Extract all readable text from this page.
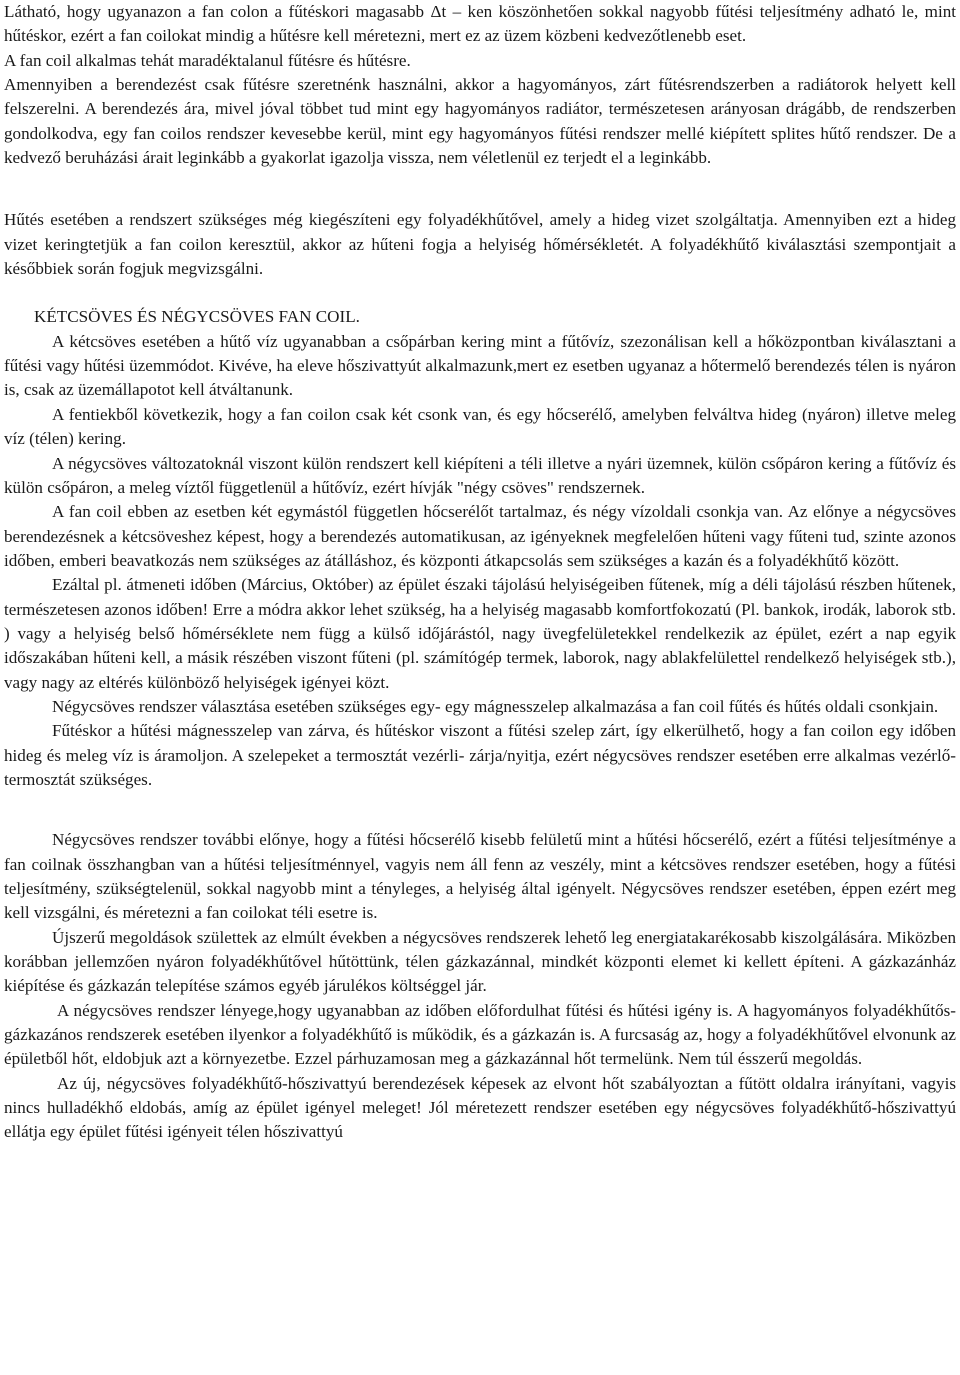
Látható, hogy ugyanazon a fan colon a fűtéskori magasabb Δt – ken köszönhetően sokkal nagyobb fűtési teljesítmény adható le, mint hűtéskor, ezért a fan coilokat mindig a hűtésre kell méretezni, mert ez az üzem közbeni kedvezőtlenebb eset.

A fan coil alkalmas tehát maradéktalanul fűtésre és hűtésre.

Amennyiben a berendezést csak fűtésre szeretnénk használni, akkor a hagyományos, zárt fűtésrendszerben a radiátorok helyett kell felszerelni. A berendezés ára, mivel jóval többet tud mint egy hagyományos radiátor, természetesen arányosan drágább, de rendszerben gondolkodva, egy fan coilos rendszer kevesebbe kerül, mint egy hagyományos fűtési rendszer mellé kiépített splites hűtő rendszer. De a kedvező beruházási árait leginkább a gyakorlat igazolja vissza, nem véletlenül ez terjedt el a leginkább.

Hűtés esetében a rendszert szükséges még kiegészíteni egy folyadékhűtővel, amely a hideg vizet szolgáltatja. Amennyiben ezt a hideg vizet keringtetjük a fan coilon keresztül, akkor az hűteni fogja a helyiség hőmérsékletét. A folyadékhűtő kiválasztási szempontjait a későbbiek során fogjuk megvizsgálni.

KÉTCSÖVES ÉS NÉGYCSÖVES FAN COIL.

A kétcsöves esetében a hűtő víz ugyanabban a csőpárban kering mint a fűtővíz, szezonálisan kell a hőközpontban kiválasztani a fűtési vagy hűtési üzemmódot. Kivéve, ha eleve hőszivattyút alkalmazunk,mert ez esetben ugyanaz a hőtermelő berendezés télen is nyáron is, csak az üzemállapotot kell átváltanunk.

A fentiekből következik, hogy a fan coilon csak két csonk van, és egy hőcserélő, amelyben felváltva hideg (nyáron) illetve meleg víz (télen) kering.

A négycsöves változatoknál viszont külön rendszert kell kiépíteni a téli illetve a nyári üzemnek, külön csőpáron kering a fűtővíz és külön csőpáron, a meleg víztől függetlenül a hűtővíz, ezért hívják "négy csöves" rendszernek.

A fan coil ebben az esetben két egymástól független hőcserélőt tartalmaz, és négy vízoldali csonkja van. Az előnye a négycsöves berendezésnek a kétcsöveshez képest, hogy a berendezés automatikusan, az igényeknek megfelelően hűteni vagy fűteni tud, szinte azonos időben, emberi beavatkozás nem szükséges az átálláshoz, és központi átkapcsolás sem szükséges a kazán és a folyadékhűtő között.

Ezáltal pl. átmeneti időben (Március, Október) az épület északi tájolású helyiségeiben fűtenek, míg a déli tájolású részben hűtenek, természetesen azonos időben! Erre a módra akkor lehet szükség, ha a helyiség magasabb komfortfokozatú (Pl. bankok, irodák, laborok stb. ) vagy a helyiség belső hőmérséklete nem függ a külső időjárástól, nagy üvegfelületekkel rendelkezik az épület, ezért a nap egyik időszakában hűteni kell, a másik részében viszont fűteni (pl. számítógép termek, laborok, nagy ablakfelülettel rendelkező helyiségek stb.), vagy nagy az eltérés különböző helyiségek igényei közt.

Négycsöves rendszer választása esetében szükséges egy- egy mágnesszelep alkalmazása a fan coil fűtés és hűtés oldali csonkjain.

Fűtéskor a hűtési mágnesszelep van zárva, és hűtéskor viszont a fűtési szelep zárt, így elkerülhető, hogy a fan coilon egy időben hideg és meleg víz is áramoljon. A szelepeket a termosztát vezérli- zárja/nyitja, ezért négycsöves rendszer esetében erre alkalmas vezérlő- termosztát szükséges.

Négycsöves rendszer további előnye, hogy a fűtési hőcserélő kisebb felületű mint a hűtési hőcserélő, ezért a fűtési teljesítménye a fan coilnak összhangban van a hűtési teljesítménnyel, vagyis nem áll fenn az veszély, mint a kétcsöves rendszer esetében, hogy a fűtési teljesítmény, szükségtelenül, sokkal nagyobb mint a tényleges, a helyiség által igényelt. Négycsöves rendszer esetében, éppen ezért meg kell vizsgálni, és méretezni a fan coilokat téli esetre is.

Újszerű megoldások születtek az elmúlt években a négycsöves rendszerek lehető leg energiatakarékosabb kiszolgálására. Miközben korábban jellemzően nyáron folyadékhűtővel hűtöttünk, télen gázkazánnal, mindkét központi elemet ki kellett építeni. A gázkazánház kiépítése és gázkazán telepítése számos egyéb járulékos költséggel jár.

A négycsöves rendszer lényege,hogy ugyanabban az időben előfordulhat fűtési és hűtési igény is. A hagyományos folyadékhűtős- gázkazános rendszerek esetében ilyenkor a folyadékhűtő is működik, és a gázkazán is. A furcsaság az, hogy a folyadékhűtővel elvonunk az épületből hőt, eldobjuk azt a környezetbe. Ezzel párhuzamosan meg a gázkazánnal hőt termelünk. Nem túl ésszerű megoldás.

Az új, négycsöves folyadékhűtő-hőszivattyú berendezések képesek az elvont hőt szabályoztan a fűtött oldalra irányítani, vagyis nincs hulladékhő eldobás, amíg az épület igényel meleget! Jól méretezett rendszer esetében egy négycsöves folyadékhűtő-hőszivattyú ellátja egy épület fűtési igényeit télen hőszivattyú
